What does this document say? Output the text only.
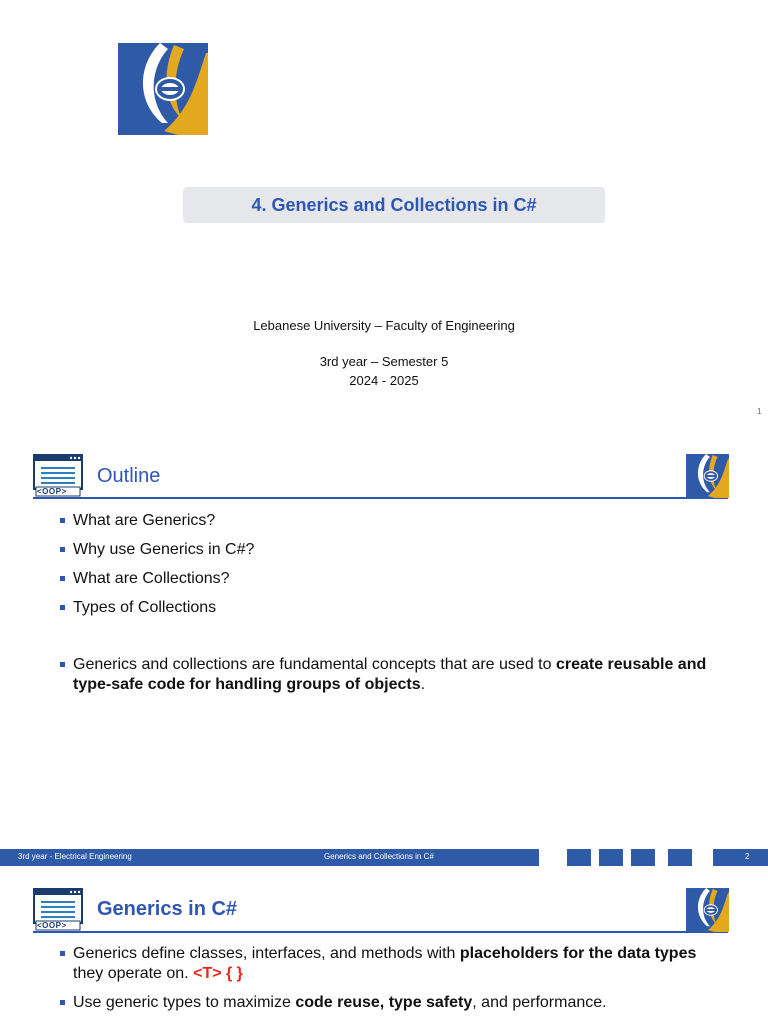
4. Generics and Collections in C#
Lebanese University – Faculty of Engineering
3rd year – Semester 5
2024 - 2025
1
<OOP>
Outline
What are Generics?
Why use Generics in C#?
What are Collections?
Types of Collections
Generics and collections are fundamental concepts that are used to create reusable and type-safe code for handling groups of objects.
3rd year - Electrical Engineering	Generics and Collections in C#	2
<OOP>
Generics in C#
Generics define classes, interfaces, and methods with placeholders for the data types they operate on. <T> { }
Use generic types to maximize code reuse, type safety, and performance.
